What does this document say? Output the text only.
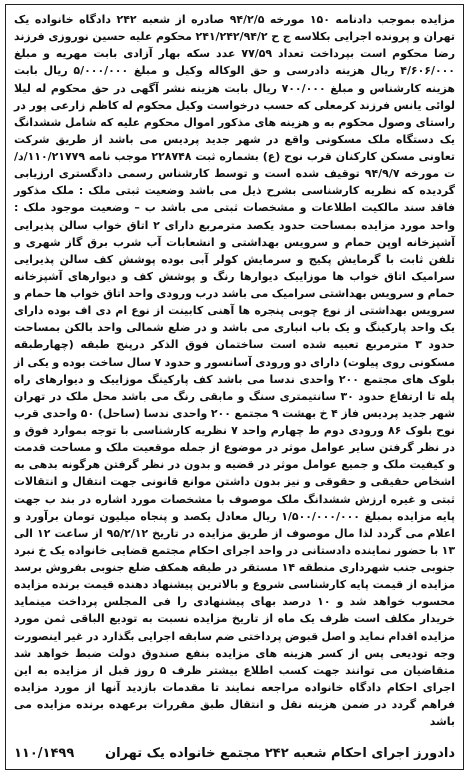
مزایده بموجب دادنامه ۱۵۰ مورخه ۹۴/۲/۵ صادره از شعبه ۲۴۲ دادگاه خانواده یک تهران و پرونده اجرایی بکلاسه ج ح ۲۴۱/۲۴۲/۹۴/۲ محکوم علیه حسین نوروزی فرزند رضا محکوم است بپرداخت تعداد ۷۷/۵۹ عدد سکه بهار آزادی بابت مهریه و مبلغ ۴/۶۰۶/۰۰۰ ریال هزینه دادرسی و حق الوکاله وکیل و مبلغ ۵/۰۰۰/۰۰۰ ریال بابت هزینه کارشناس و مبلغ ۷۰۰/۰۰۰ ریال بابت هزینه نشر آگهی در حق محکوم له لیلا لوائی یانس فرزند کرمعلی که حسب درخواست وکیل محکوم له کاظم زارعی پور در راستای وصول محکوم به و هزینه های مذکور اموال محکوم علیه که شامل ششدانگ یک دستگاه ملک مسکونی واقع در شهر جدید پردیس می باشد از طریق شرکت تعاونی مسکن کارکنان قرب نوح (ع) بشماره ثبت ۲۲۸۷۴۸ موجب نامه ۱۱۰/۲۱۷۷۹/د/ت مورخه ۹۴/۹/۷ توقیف شده است و توسط کارشناس رسمی دادگستری ارزیابی گردیده که نظریه کارشناسی بشرح ذیل می باشد وضعیت ثبتی ملک : ملک مذکور فاقد سند مالکیت اطلاعات و مشخصات ثبتی می باشد ب – وضعیت موجود ملک : واحد مورد مزایده بمساحت حدود یکصد مترمربع دارای ۲ اتاق خواب سالن پذیرایی آشپزخانه اوپن حمام و سرویس بهداشتی و انشعابات آب شرب برق گاز شهری و تلفن ثابت با گرمایش پکیج و سرمایش کولر آبی بوده پوشش کف سالن پذیرایی سرامیک اتاق خواب ها موزاییک دیوارها رنگ و پوشش کف و دیوارهای آشپزخانه حمام و سرویس بهداشتی سرامیک می باشد درب ورودی واحد اتاق خواب ها حمام و سرویس بهداشتی از نوع چوبی پنجره ها آهنی کابینت از نوع ام دی اف بوده دارای یک واحد پارکینگ و یک باب انباری می باشد و در ضلع شمالی واحد بالکن بمساحت حدود ۳ مترمربع تعبیه شده است ساختمان فوق الذکر درپنج طبقه (چهارطبقه مسکونی روی پیلوت) دارای دو ورودی آسانسور و حدود ۷ سال ساخت بوده و یکی از بلوک های مجتمع ۲۰۰ واحدی ندسا می باشد کف پارکینگ موزاییک و دیوارهای راه پله تا ارتفاع حدود ۳۰ سانتیمتری سنگ و مابقی رنگ می باشد محل ملک در تهران شهر جدید پردیس فاز ۴ خ بهشت ۹ مجتمع ۲۰۰ واحدی ندسا (ساحل) ۵۰ واحدی قرب نوح بلوک ۸۶ ورودی دوم ط چهارم واحد ۷ نظریه کارشناسی با توجه بموارد فوق و در نظر گرفتن سایر عوامل موثر در موضوع از جمله موقعیت ملک و مساحت قدمت و کیفیت ملک و جمیع عوامل موثر در قضیه و بدون در نظر گرفتن هرگونه بدهی به اشخاص حقیقی و حقوقی و نیز بدون داشتن موانع قانونی جهت انتقال و انتقالات ثبتی و غیره ارزش ششدانگ ملک موصوف با مشخصات مورد اشاره در بند ب جهت پایه مزایده بمبلغ ۱/۵۰۰/۰۰۰/۰۰۰ ریال معادل یکصد و پنجاه میلیون تومان برآورد و اعلام می گردد لذا مال موصوف از طریق مزایده در تاریخ ۹۵/۲/۱۲ از ساعت ۱۲ الی ۱۳ با حضور نماینده دادستانی در واحد اجرای احکام مجتمع قضایی خانواده یک خ نبرد جنوبی جنب شهرداری منطقه ۱۴ مستقر در طبقه همکف ضلع جنوبی بفروش برسد مزایده از قیمت پایه کارشناسی شروع و بالاترین پیشنهاد دهنده قیمت برنده مزایده محسوب خواهد شد و ۱۰ درصد بهای پیشنهادی را فی المجلس پرداخت مینماید خریدار مکلف است ظرف یک ماه از تاریخ مزایده نسبت به تودیع الباقی ثمن مورد مزایده اقدام نماید و اصل قبوض پرداختی ضم سابقه اجرایی بگذارد در غیر اینصورت وجه تودیعی پس از کسر هزینه های مزایده بنفع صندوق دولت ضبط خواهد شد متقاضیان می توانند جهت کسب اطلاع بیشتر ظرف ۵ روز قبل از مزایده به این اجرای احکام دادگاه خانواده مراجعه نمایند تا مقدمات بازدید آنها از مورد مزایده فراهم گردد در ضمن هزینه نقل و انتقال طبق مقررات برعهده برنده مزایده می باشد

دادورز اجرای احکام شعبه ۲۴۲ مجتمع خانواده یک تهران
۱۱۰/۱۴۹۹
